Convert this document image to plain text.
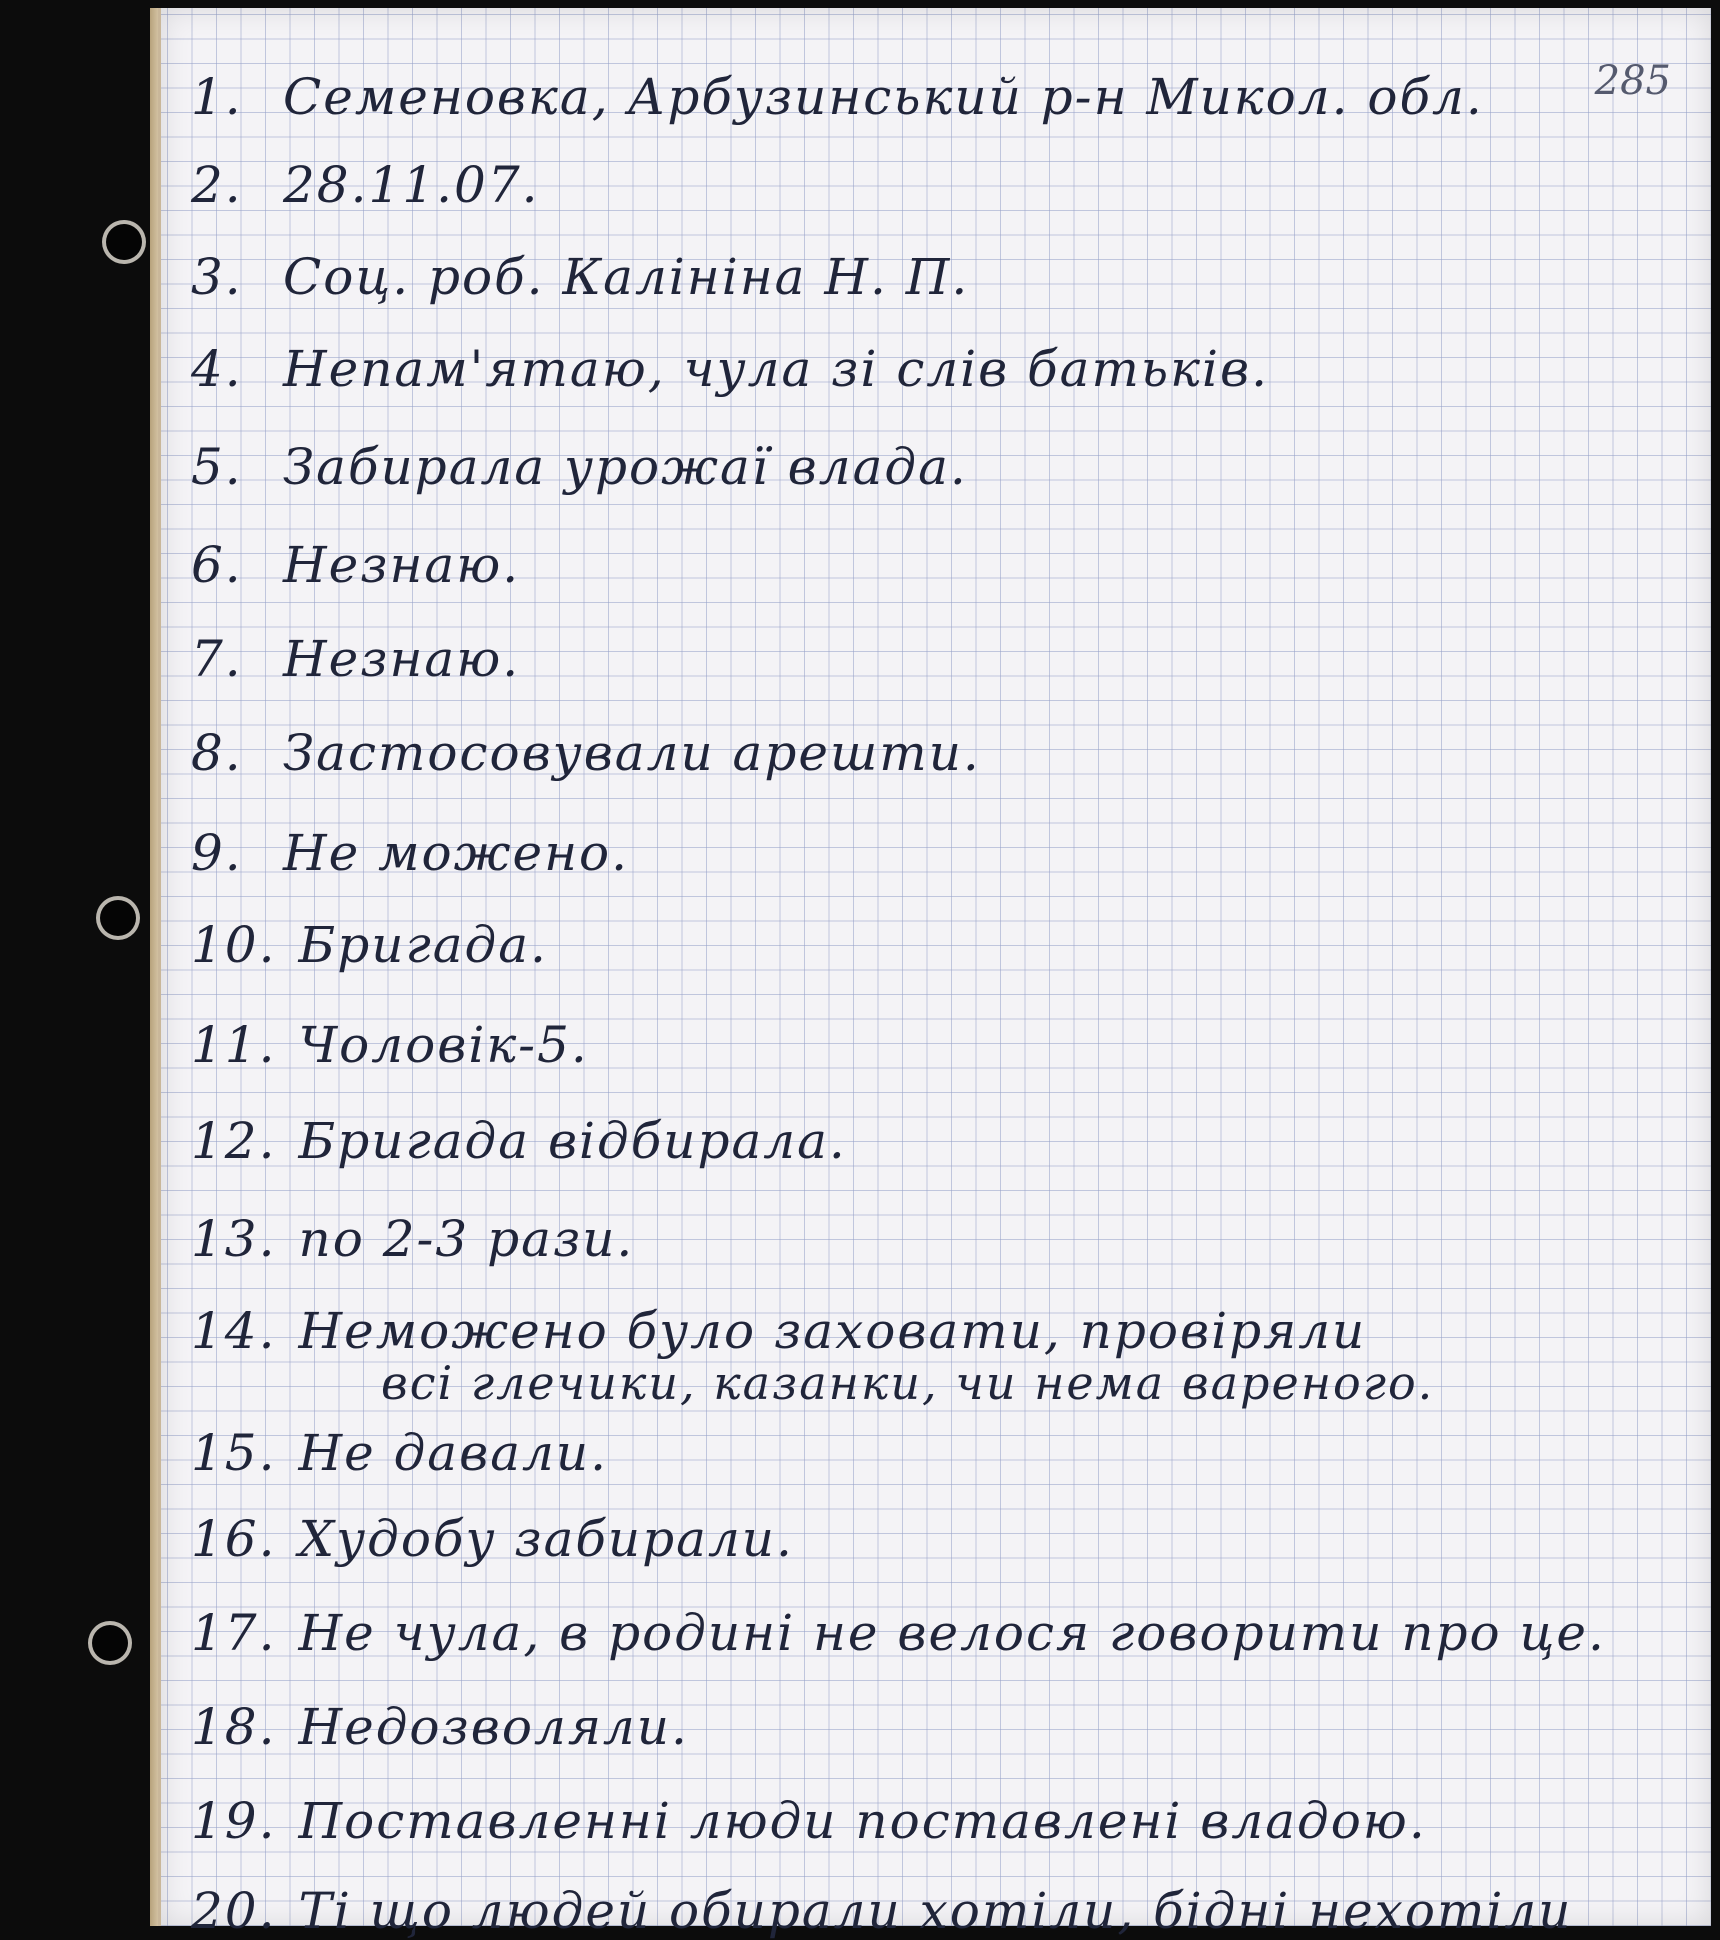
285
1. Семеновка, Арбузинський р-н Микол. обл.
2. 28.11.07.
3. Соц. роб. Калініна Н. П.
4. Непам'ятаю, чула зі слів батьків.
5. Забирала урожаї влада.
6. Незнаю.
7. Незнаю.
8. Застосовували арешти.
9. Не можено.
10. Бригада.
11. Чоловік-5.
12. Бригада відбирала.
13. по 2-3 рази.
14. Неможено було заховати, провіряли
всі глечики, казанки, чи нема вареного.
15. Не давали.
16. Худобу забирали.
17. Не чула, в родині не велося говорити про це.
18. Недозволяли.
19. Поставленні люди поставлені владою.
20. Ті що людей обирали хотіли, бідні нехотіли
